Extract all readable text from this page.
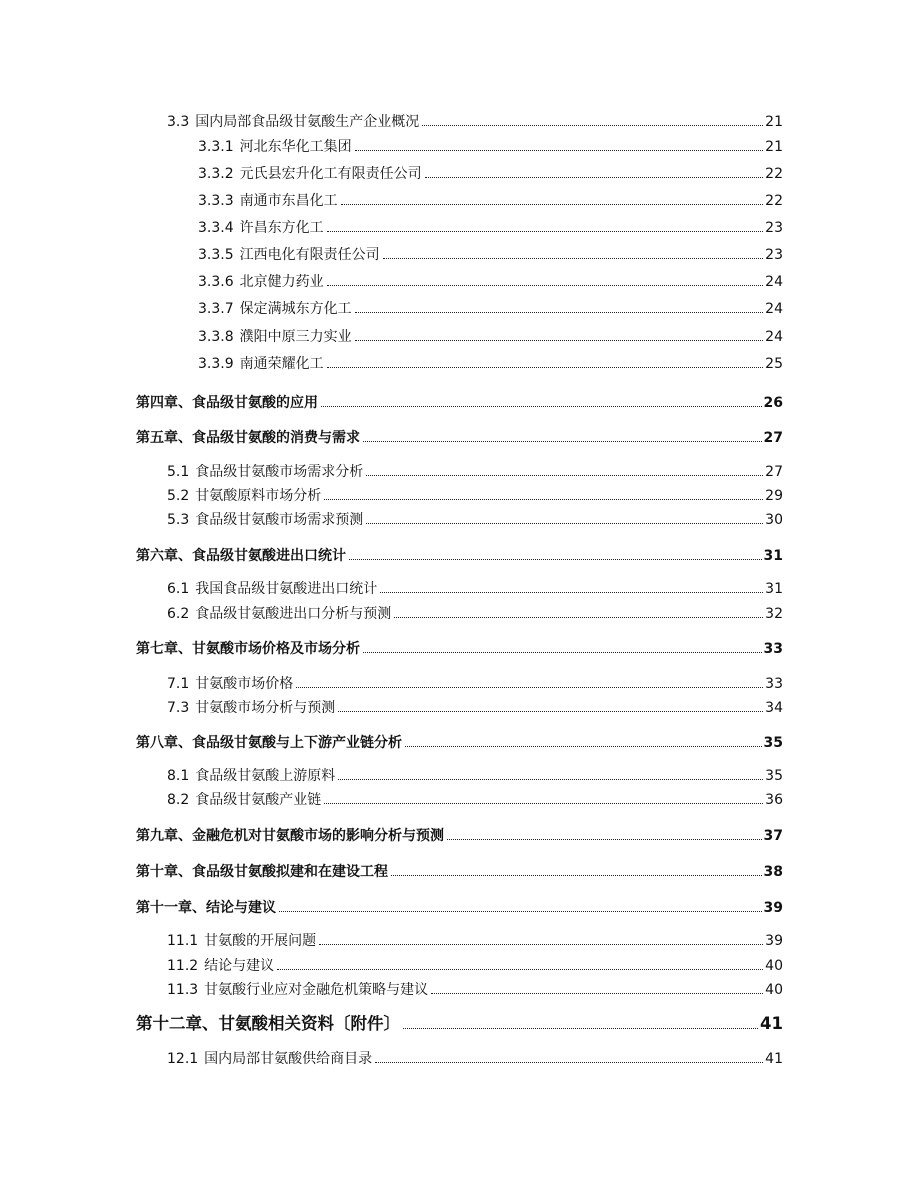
3.3 国内局部食品级甘氨酸生产企业概况	21
3.3.1 河北东华化工集团	21
3.3.2 元氏县宏升化工有限责任公司	22
3.3.3 南通市东昌化工	22
3.3.4 许昌东方化工	23
3.3.5 江西电化有限责任公司	23
3.3.6 北京健力药业	24
3.3.7 保定满城东方化工	24
3.3.8 濮阳中原三力实业	24
3.3.9 南通荣耀化工	25
第四章、食品级甘氨酸的应用	26
第五章、食品级甘氨酸的消费与需求	27
5.1 食品级甘氨酸市场需求分析	27
5.2 甘氨酸原料市场分析	29
5.3 食品级甘氨酸市场需求预测	30
第六章、食品级甘氨酸进出口统计	31
6.1 我国食品级甘氨酸进出口统计	31
6.2 食品级甘氨酸进出口分析与预测	32
第七章、甘氨酸市场价格及市场分析	33
7.1 甘氨酸市场价格	33
7.3 甘氨酸市场分析与预测	34
第八章、食品级甘氨酸与上下游产业链分析	35
8.1 食品级甘氨酸上游原料	35
8.2 食品级甘氨酸产业链	36
第九章、金融危机对甘氨酸市场的影响分析与预测	37
第十章、食品级甘氨酸拟建和在建设工程	38
第十一章、结论与建议	39
11.1 甘氨酸的开展问题	39
11.2 结论与建议	40
11.3 甘氨酸行业应对金融危机策略与建议	40
第十二章、甘氨酸相关资料〔附件〕	41
12.1 国内局部甘氨酸供给商目录	41
